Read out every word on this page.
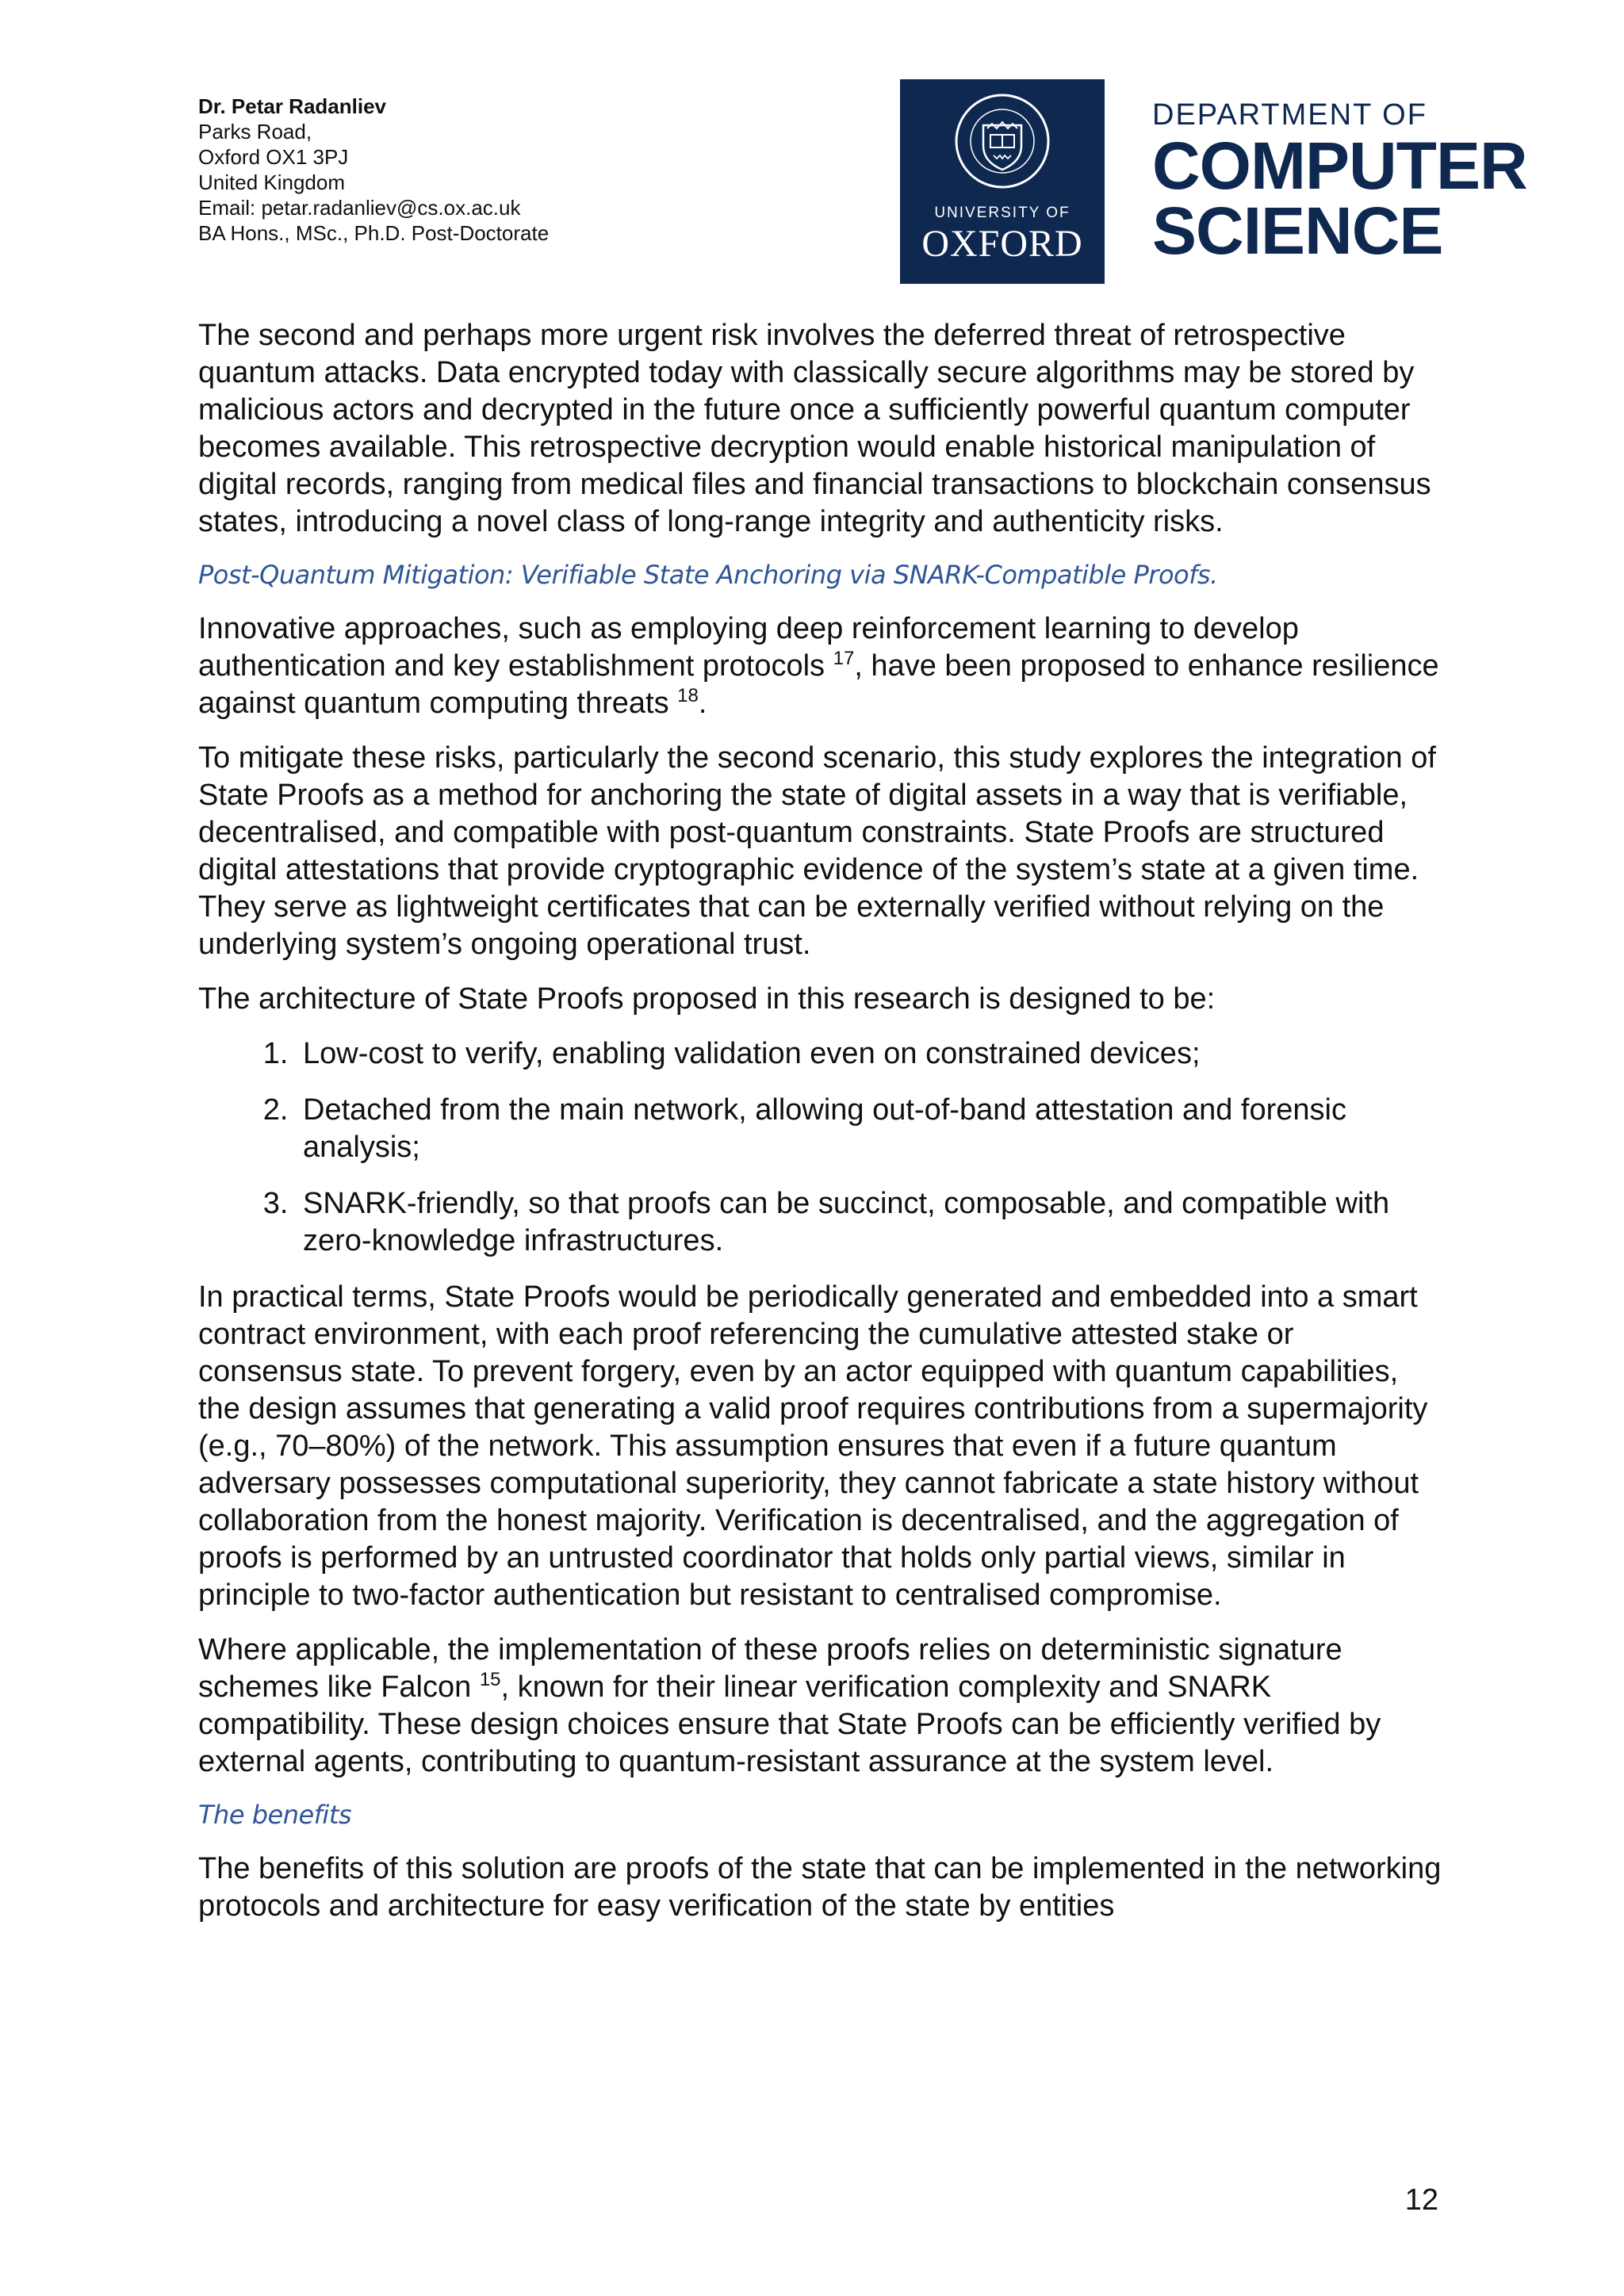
Dr. Petar Radanliev
Parks Road,
Oxford OX1 3PJ
United Kingdom
Email: petar.radanliev@cs.ox.ac.uk
BA Hons., MSc., Ph.D. Post-Doctorate
UNIVERSITY OF
OXFORD
DEPARTMENT OF
COMPUTER
SCIENCE

The second and perhaps more urgent risk involves the deferred threat of retrospective quantum attacks. Data encrypted today with classically secure algorithms may be stored by malicious actors and decrypted in the future once a sufficiently powerful quantum computer becomes available. This retrospective decryption would enable historical manipulation of digital records, ranging from medical files and financial transactions to blockchain consensus states, introducing a novel class of long-range integrity and authenticity risks.

Post-Quantum Mitigation: Verifiable State Anchoring via SNARK-Compatible Proofs.

Innovative approaches, such as employing deep reinforcement learning to develop authentication and key establishment protocols $^{17}$, have been proposed to enhance resilience against quantum computing threats $^{18}$.

To mitigate these risks, particularly the second scenario, this study explores the integration of State Proofs as a method for anchoring the state of digital assets in a way that is verifiable, decentralised, and compatible with post-quantum constraints. State Proofs are structured digital attestations that provide cryptographic evidence of the system’s state at a given time. They serve as lightweight certificates that can be externally verified without relying on the underlying system’s ongoing operational trust.

The architecture of State Proofs proposed in this research is designed to be:

1. Low-cost to verify, enabling validation even on constrained devices;
2. Detached from the main network, allowing out-of-band attestation and forensic analysis;
3. SNARK-friendly, so that proofs can be succinct, composable, and compatible with zero-knowledge infrastructures.

In practical terms, State Proofs would be periodically generated and embedded into a smart contract environment, with each proof referencing the cumulative attested stake or consensus state. To prevent forgery, even by an actor equipped with quantum capabilities, the design assumes that generating a valid proof requires contributions from a supermajority (e.g., 70–80%) of the network. This assumption ensures that even if a future quantum adversary possesses computational superiority, they cannot fabricate a state history without collaboration from the honest majority. Verification is decentralised, and the aggregation of proofs is performed by an untrusted coordinator that holds only partial views, similar in principle to two-factor authentication but resistant to centralised compromise.

Where applicable, the implementation of these proofs relies on deterministic signature schemes like Falcon $^{15}$, known for their linear verification complexity and SNARK compatibility. These design choices ensure that State Proofs can be efficiently verified by external agents, contributing to quantum-resistant assurance at the system level.

The benefits

The benefits of this solution are proofs of the state that can be implemented in the networking protocols and architecture for easy verification of the state by entities

12
